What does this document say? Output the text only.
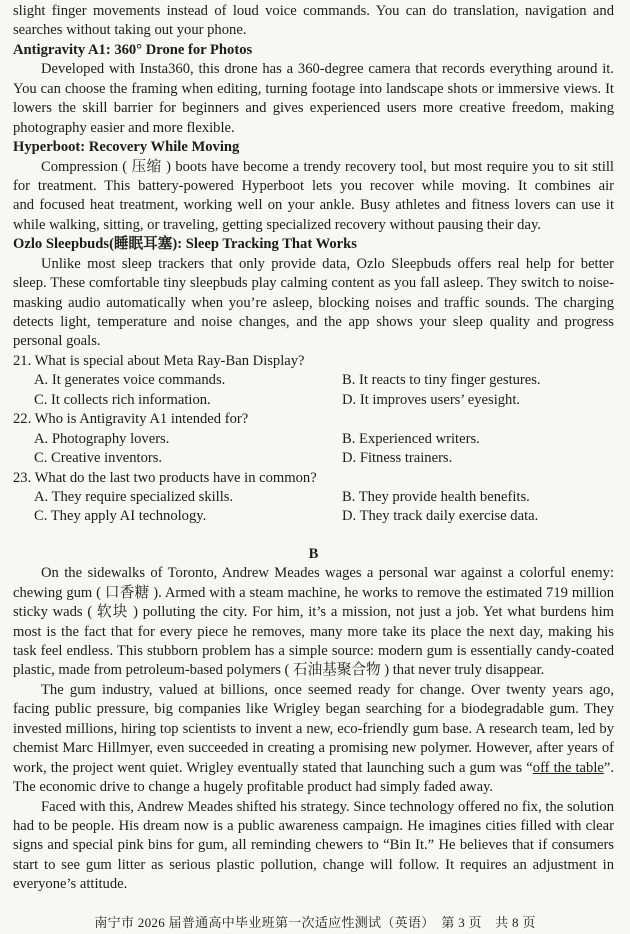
slight finger movements instead of loud voice commands. You can do translation, navigation and
searches without taking out your phone.
Antigravity A1: 360° Drone for Photos
Developed with Insta360, this drone has a 360-degree camera that records everything around it.
You can choose the framing when editing, turning footage into landscape shots or immersive views. It
lowers the skill barrier for beginners and gives experienced users more creative freedom, making
photography easier and more flexible.
Hyperboot: Recovery While Moving
Compression ( 压缩 ) boots have become a trendy recovery tool, but most require you to sit still
for treatment. This battery-powered Hyperboot lets you recover while moving. It combines air
and focused heat treatment, working well on your ankle. Busy athletes and fitness lovers can use it
while walking, sitting, or traveling, getting specialized recovery without pausing their day.
Ozlo Sleepbuds(睡眠耳塞): Sleep Tracking That Works
Unlike most sleep trackers that only provide data, Ozlo Sleepbuds offers real help for better
sleep. These comfortable tiny sleepbuds play calming content as you fall asleep. They switch to noise-
masking audio automatically when you’re asleep, blocking noises and traffic sounds. The charging
detects light, temperature and noise changes, and the app shows your sleep quality and progress
personal goals.
21. What is special about Meta Ray-Ban Display?
A. It generates voice commands.	B. It reacts to tiny finger gestures.
C. It collects rich information.	D. It improves users’ eyesight.
22. Who is Antigravity A1 intended for?
A. Photography lovers.	B. Experienced writers.
C. Creative inventors.	D. Fitness trainers.
23. What do the last two products have in common?
A. They require specialized skills.	B. They provide health benefits.
C. They apply AI technology.	D. They track daily exercise data.
B
On the sidewalks of Toronto, Andrew Meades wages a personal war against a colorful enemy:
chewing gum ( 口香糖 ). Armed with a steam machine, he works to remove the estimated 719 million
sticky wads ( 软块 ) polluting the city. For him, it’s a mission, not just a job. Yet what burdens him
most is the fact that for every piece he removes, many more take its place the next day, making his
task feel endless. This stubborn problem has a simple source: modern gum is essentially candy-coated
plastic, made from petroleum-based polymers ( 石油基聚合物 ) that never truly disappear.
The gum industry, valued at billions, once seemed ready for change. Over twenty years ago,
facing public pressure, big companies like Wrigley began searching for a biodegradable gum. They
invested millions, hiring top scientists to invent a new, eco-friendly gum base. A research team, led by
chemist Marc Hillmyer, even succeeded in creating a promising new polymer. However, after years of
work, the project went quiet. Wrigley eventually stated that launching such a gum was “off the table”.
The economic drive to change a hugely profitable product had simply faded away.
Faced with this, Andrew Meades shifted his strategy. Since technology offered no fix, the solution
had to be people. His dream now is a public awareness campaign. He imagines cities filled with clear
signs and special pink bins for gum, all reminding chewers to “Bin It.” He believes that if consumers
start to see gum litter as serious plastic pollution, change will follow. It requires an adjustment in
everyone’s attitude.
南宁市 2026 届普通高中毕业班第一次适应性测试（英语）　第 3 页　共 8 页
